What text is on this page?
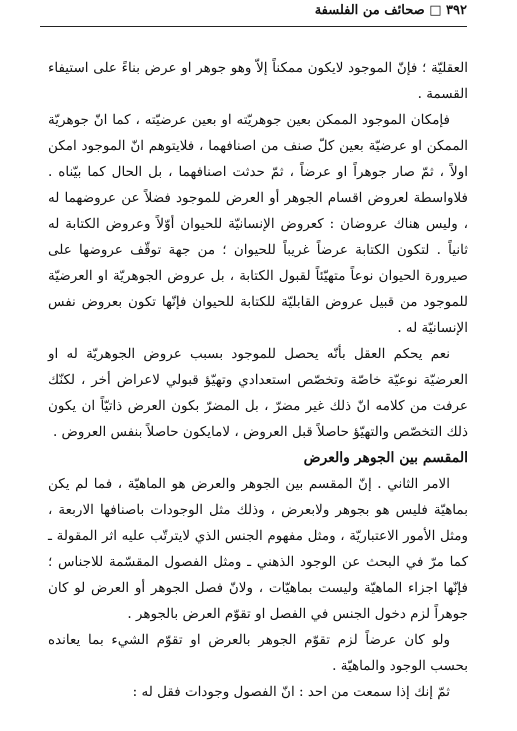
٣٩٢ □ صحائف من الفلسفة

العقليّة ؛ فإنّ الموجود لايكون ممكناً إلاّ وهو جوهر او عرض بناءً على استيفاء القسمة .

فإمكان الموجود الممكن بعين جوهريّته او بعين عرضيّته ، كما انّ جوهريّة الممكن او عرضيّة بعين كلّ صنف من اصنافهما ، فلايتوهم انّ الموجود امكن اولاً ، ثمّ صار جوهراً او عرضاً ، ثمّ حدثت اصنافهما ، بل الحال كما بيّناه . فلاواسطة لعروض اقسام الجوهر أو العرض للموجود فضلاً عن عروضهما له ، وليس هناك عروضان : كعروض الإنسانيّة للحيوان أوّلاً وعروض الكتابة له ثانياً . لتكون الكتابة عرضاً غريباً للحيوان ؛ من جهة توقّف عروضها على صيرورة الحيوان نوعاً متهيّئاً لقبول الكتابة ، بل عروض الجوهريّة او العرضيّة للموجود من قبيل عروض القابليّة للكتابة للحيوان فإنّها تكون بعروض نفس الإنسانيّة له .

نعم يحكم العقل بأنّه يحصل للموجود بسبب عروض الجوهريّة له او العرضيّة نوعيّة خاصّة وتخصّص استعدادي وتهيّؤ قبولي لاعراض أخر ، لكنّك عرفت من كلامه انّ ذلك غير مضرّ ، بل المضرّ بكون العرض ذاتيّاً ان يكون ذلك التخصّص والتهيّؤ حاصلاً قبل العروض ، لامايكون حاصلاً بنفس العروض .

المقسم بين الجوهر والعرض

الامر الثاني . إنّ المقسم بين الجوهر والعرض هو الماهيّة ، فما لم يكن بماهيّة فليس هو بجوهر ولابعرض ، وذلك مثل الوجودات باصنافها الاربعة ، ومثل الأمور الاعتباريّة ، ومثل مفهوم الجنس الذي لايترتّب عليه اثر المقولة ـ كما مرّ في البحث عن الوجود الذهني ـ ومثل الفصول المقسّمة للاجناس ؛ فإنّها اجزاء الماهيّة وليست بماهيّات ، ولانّ فصل الجوهر أو العرض لو كان جوهراً لزم دخول الجنس في الفصل او تقوّم العرض بالجوهر .

ولو كان عرضاً لزم تقوّم الجوهر بالعرض او تقوّم الشيء بما يعانده بحسب الوجود والماهيّة .

ثمّ إنك إذا سمعت من احد : انّ الفصول وجودات فقل له :
